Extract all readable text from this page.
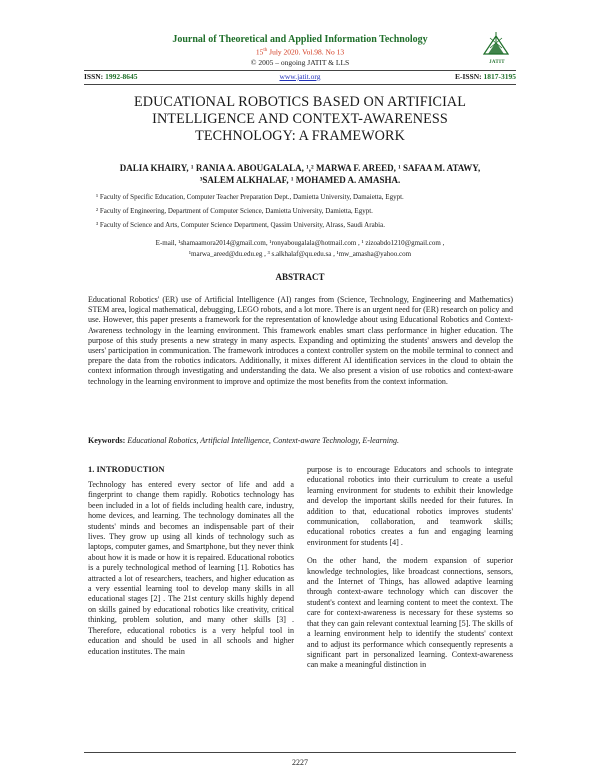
Journal of Theoretical and Applied Information Technology
15th July 2020. Vol.98. No 13
© 2005 – ongoing JATIT & LLS	JATIT
ISSN: 1992-8645	www.jatit.org	E-ISSN: 1817-3195
EDUCATIONAL ROBOTICS BASED ON ARTIFICIAL
INTELLIGENCE AND CONTEXT-AWARENESS
TECHNOLOGY: A FRAMEWORK
DALIA KHAIRY, ¹ RANIA A. ABOUGALALA, ¹,² MARWA F. AREED, ¹ SAFAA M. ATAWY,
³SALEM ALKHALAF, ¹ MOHAMED A. AMASHA.
¹ Faculty of Specific Education, Computer Teacher Preparation Dept., Damietta University, Damaietta, Egypt.
² Faculty of Engineering, Department of Computer Science, Damietta University, Damietta, Egypt.
³ Faculty of Science and Arts, Computer Science Department, Qassim University, Alrass, Saudi Arabia.
E-mail, ¹shamaamora2014@gmail.com, ¹ronyabougalala@hotmail.com , ¹ zizoabdo1210@gmail.com ,
¹marwa_areed@du.edu.eg , ³ s.alkhalaf@qu.edu.sa , ¹mw_amasha@yahoo.com
ABSTRACT
Educational Robotics' (ER) use of Artificial Intelligence (AI) ranges from (Science, Technology, Engineering and Mathematics) STEM area, logical mathematical, debugging, LEGO robots, and a lot more. There is an urgent need for (ER) research on policy and use. However, this paper presents a framework for the representation of knowledge about using Educational Robotics and Context-Awareness technology in the learning environment. This framework enables smart class performance in higher education. The purpose of this study presents a new strategy in many aspects. Expanding and optimizing the students' answers and develop the users' participation in communication. The framework introduces a context controller system on the mobile terminal to connect and prepare the data from the robotics indicators. Additionally, it mixes different AI identification services in the cloud to obtain the context information through investigating and understanding the data. We also present a vision of use robotics and context-aware technology in the learning environment to improve and optimize the most benefits from the context information.
Keywords: Educational Robotics, Artificial Intelligence, Context-aware Technology, E-learning.
1. INTRODUCTION

Technology has entered every sector of life and add a fingerprint to change them rapidly. Robotics technology has been included in a lot of fields including health care, industry, home devices, and learning. The technology dominates all the students' minds and becomes an indispensable part of their lives. They grow up using all kinds of technology such as laptops, computer games, and Smartphone, but they never think about how it is made or how it is repaired. Educational robotics is a purely technological method of learning [1]. Robotics has attracted a lot of researchers, teachers, and higher education as a very essential learning tool to develop many skills in all educational stages [2] . The 21st century skills highly depend on skills gained by educational robotics like creativity, critical thinking, problem solution, and many other skills [3] . Therefore, educational robotics is a very helpful tool in education and should be used in all schools and higher education institutes. The main

purpose is to encourage Educators and schools to integrate educational robotics into their curriculum to create a useful learning environment for students to exhibit their knowledge and develop the important skills needed for their futures. In addition to that, educational robotics improves students' communication, collaboration, and teamwork skills; educational robotics creates a fun and engaging learning environment for students [4] .

On the other hand, the modern expansion of superior knowledge technologies, like broadcast connections, sensors, and the Internet of Things, has allowed adaptive learning through context-aware technology which can discover the student's context and learning content to meet the context. The care for context-awareness is necessary for these systems so that they can gain relevant contextual learning [5]. The skills of a learning environment help to identify the students' context and to adjust its performance which consequently represents a significant part in personalized learning. Context-awareness can make a meaningful distinction in

2227
